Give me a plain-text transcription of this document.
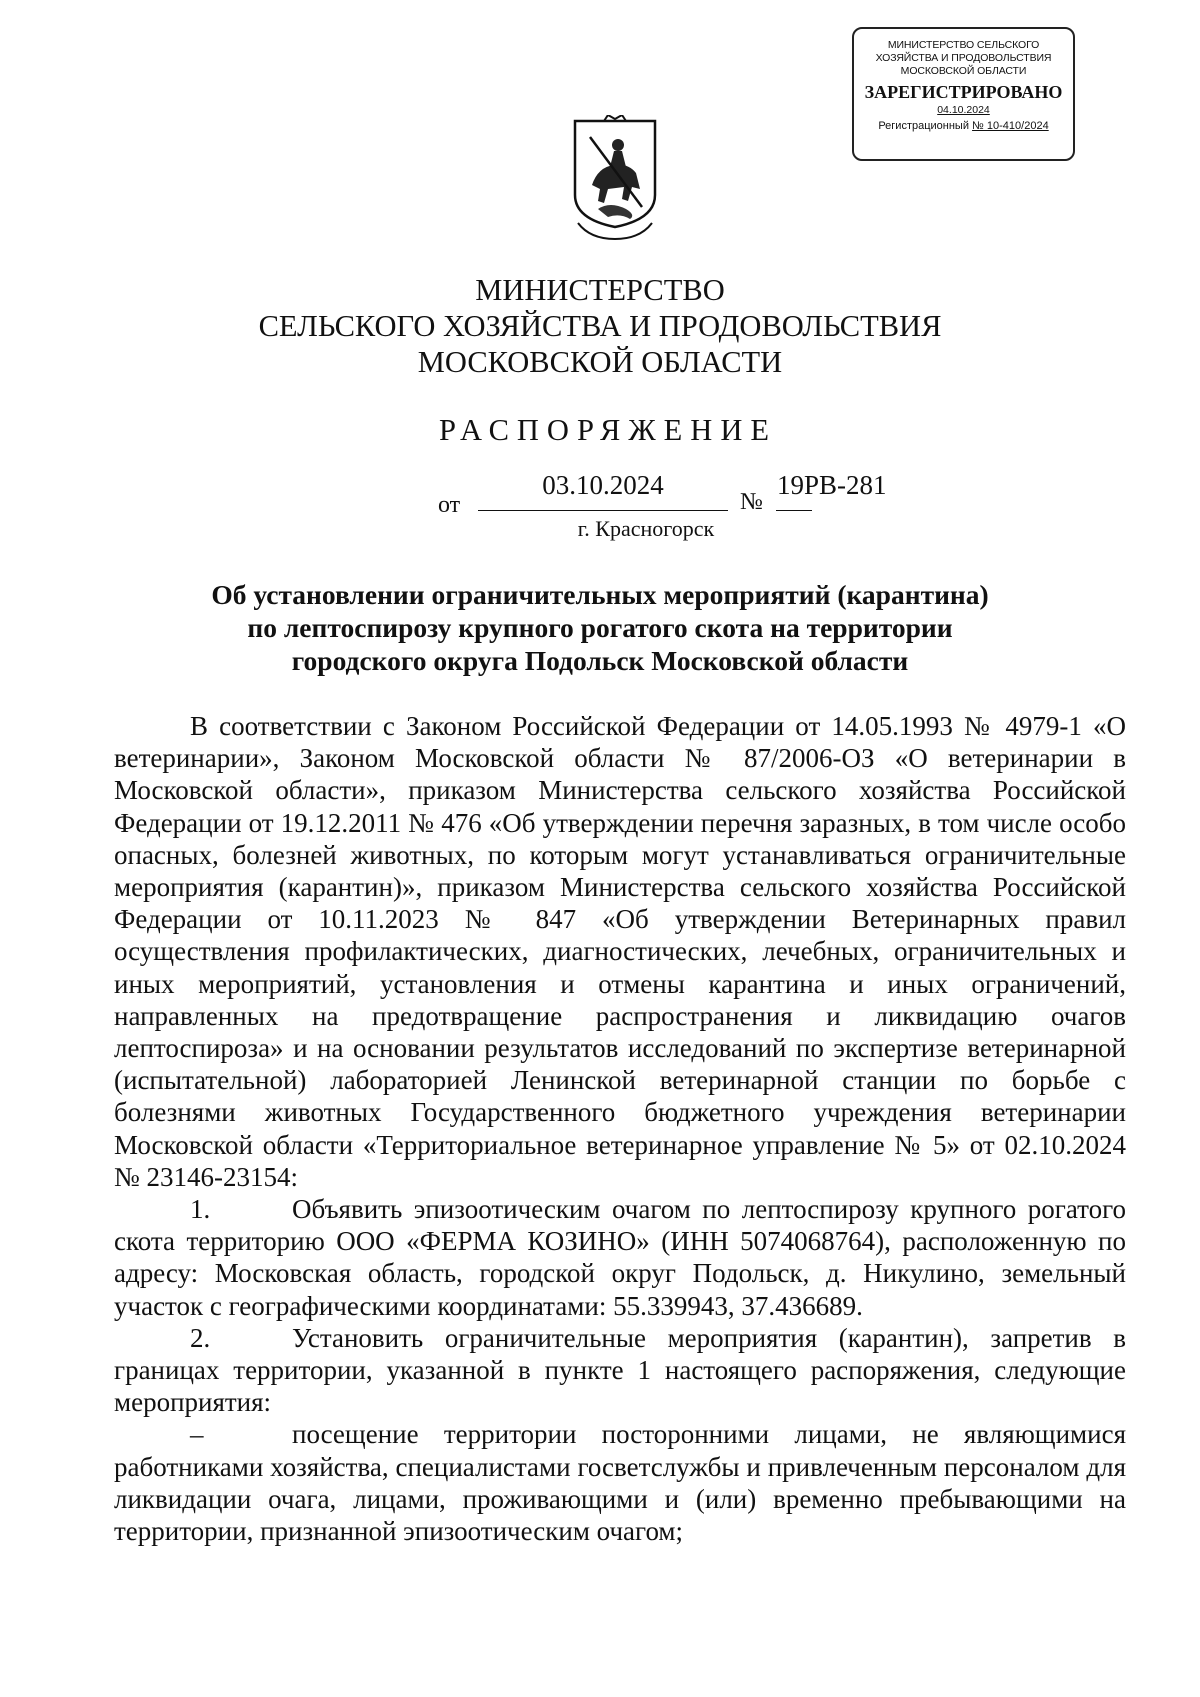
МИНИСТЕРСТВО СЕЛЬСКОГО
ХОЗЯЙСТВА И ПРОДОВОЛЬСТВИЯ
МОСКОВСКОЙ ОБЛАСТИ
ЗАРЕГИСТРИРОВАНО
04.10.2024
Регистрационный № 10-410/2024
МИНИСТЕРСТВО
СЕЛЬСКОГО ХОЗЯЙСТВА И ПРОДОВОЛЬСТВИЯ
МОСКОВСКОЙ ОБЛАСТИ
РАСПОРЯЖЕНИЕ
от
03.10.2024
№
19РВ-281
г. Красногорск
Об установлении ограничительных мероприятий (карантина)
по лептоспирозу крупного рогатого скота на территории
городского округа Подольск Московской области

В соответствии с Законом Российской Федерации от 14.05.1993 № 4979-1 «О ветеринарии», Законом Московской области № 87/2006-ОЗ «О ветеринарии в Московской области», приказом Министерства сельского хозяйства Российской Федерации от 19.12.2011 № 476 «Об утверждении перечня заразных, в том числе особо опасных, болезней животных, по которым могут устанавливаться ограничительные мероприятия (карантин)», приказом Министерства сельского хозяйства Российской Федерации от 10.11.2023 № 847 «Об утверждении Ветеринарных правил осуществления профилактических, диагностических, лечебных, ограничительных и иных мероприятий, установления и отмены карантина и иных ограничений, направленных на предотвращение распространения и ликвидацию очагов лептоспироза» и на основании результатов исследований по экспертизе ветеринарной (испытательной) лабораторией Ленинской ветеринарной станции по борьбе с болезнями животных Государственного бюджетного учреждения ветеринарии Московской области «Территориальное ветеринарное управление № 5» от 02.10.2024 № 23146-23154:

1.	Объявить эпизоотическим очагом по лептоспирозу крупного рогатого скота территорию ООО «ФЕРМА КОЗИНО» (ИНН 5074068764), расположенную по адресу: Московская область, городской округ Подольск, д. Никулино, земельный участок с географическими координатами: 55.339943, 37.436689.

2.	Установить ограничительные мероприятия (карантин), запретив в границах территории, указанной в пункте 1 настоящего распоряжения, следующие мероприятия:

–	посещение территории посторонними лицами, не являющимися работниками хозяйства, специалистами госветслужбы и привлеченным персоналом для ликвидации очага, лицами, проживающими и (или) временно пребывающими на территории, признанной эпизоотическим очагом;
